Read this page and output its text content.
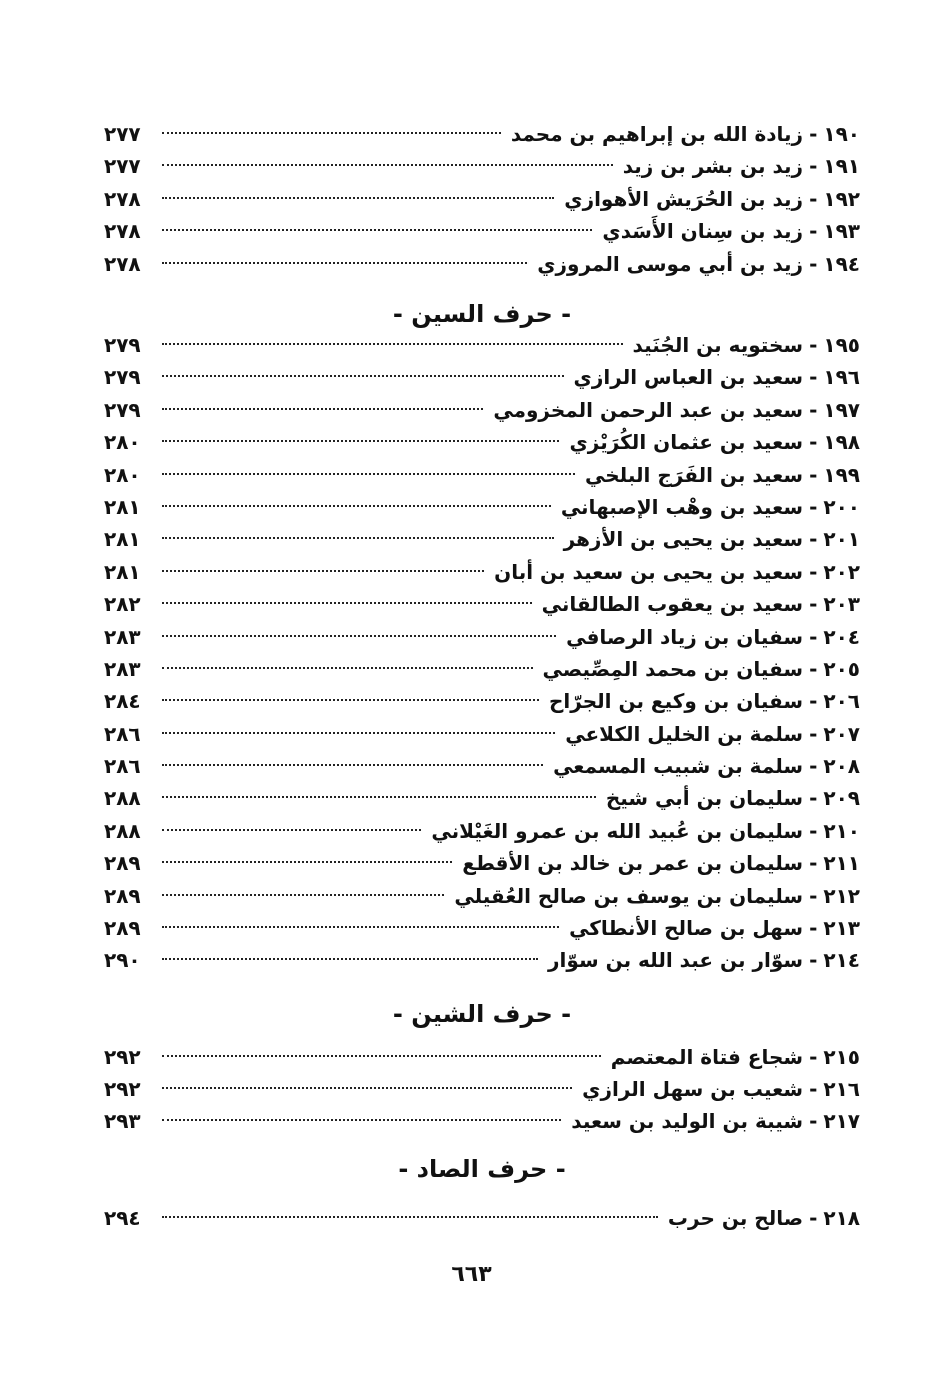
١٩٠
-
زيادة الله بن إبراهيم بن محمد
٢٧٧
١٩١
-
زيد بن بشر بن زيد
٢٧٧
١٩٢
-
زيد بن الحُرَيش الأهوازي
٢٧٨
١٩٣
-
زيد بن سِنان الأَسَدي
٢٧٨
١٩٤
-
زيد بن أبي موسى المروزي
٢٧٨
- حرف السين -
١٩٥
-
سختويه بن الجُنَيد
٢٧٩
١٩٦
-
سعيد بن العباس الرازي
٢٧٩
١٩٧
-
سعيد بن عبد الرحمن المخزومي
٢٧٩
١٩٨
-
سعيد بن عثمان الكُرَيْزي
٢٨٠
١٩٩
-
سعيد بن الفَرَج البلخي
٢٨٠
٢٠٠
-
سعيد بن وهْب الإصبهاني
٢٨١
٢٠١
-
سعيد بن يحيى بن الأزهر
٢٨١
٢٠٢
-
سعيد بن يحيى بن سعيد بن أبان
٢٨١
٢٠٣
-
سعيد بن يعقوب الطالقاني
٢٨٢
٢٠٤
-
سفيان بن زياد الرصافي
٢٨٣
٢٠٥
-
سفيان بن محمد المِصِّيصي
٢٨٣
٢٠٦
-
سفيان بن وكيع بن الجرّاح
٢٨٤
٢٠٧
-
سلمة بن الخليل الكلاعي
٢٨٦
٢٠٨
-
سلمة بن شبيب المسمعي
٢٨٦
٢٠٩
-
سليمان بن أبي شيخ
٢٨٨
٢١٠
-
سليمان بن عُبيد الله بن عمرو الغَيْلاني
٢٨٨
٢١١
-
سليمان بن عمر بن خالد بن الأقطع
٢٨٩
٢١٢
-
سليمان بن يوسف بن صالح العُقيلي
٢٨٩
٢١٣
-
سهل بن صالح الأنطاكي
٢٨٩
٢١٤
-
سوّار بن عبد الله بن سوّار
٢٩٠
- حرف الشين -
٢١٥
-
شجاع فتاة المعتصم
٢٩٢
٢١٦
-
شعيب بن سهل الرازي
٢٩٢
٢١٧
-
شيبة بن الوليد بن سعيد
٢٩٣
- حرف الصاد -
٢١٨
-
صالح بن حرب
٢٩٤
٦٦٣
